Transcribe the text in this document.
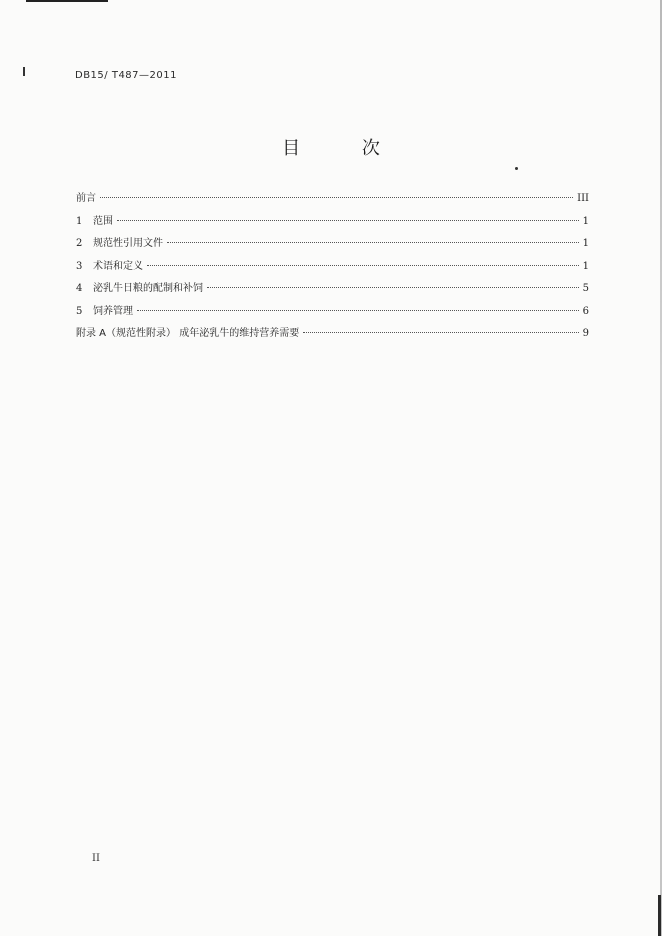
DB15/ T487—2011
目 次
前言	III
1 范围	1
2 规范性引用文件	1
3 术语和定义	1
4 泌乳牛日粮的配制和补饲	5
5 饲养管理	6
附录 A（规范性附录） 成年泌乳牛的维持营养需要	9
II
